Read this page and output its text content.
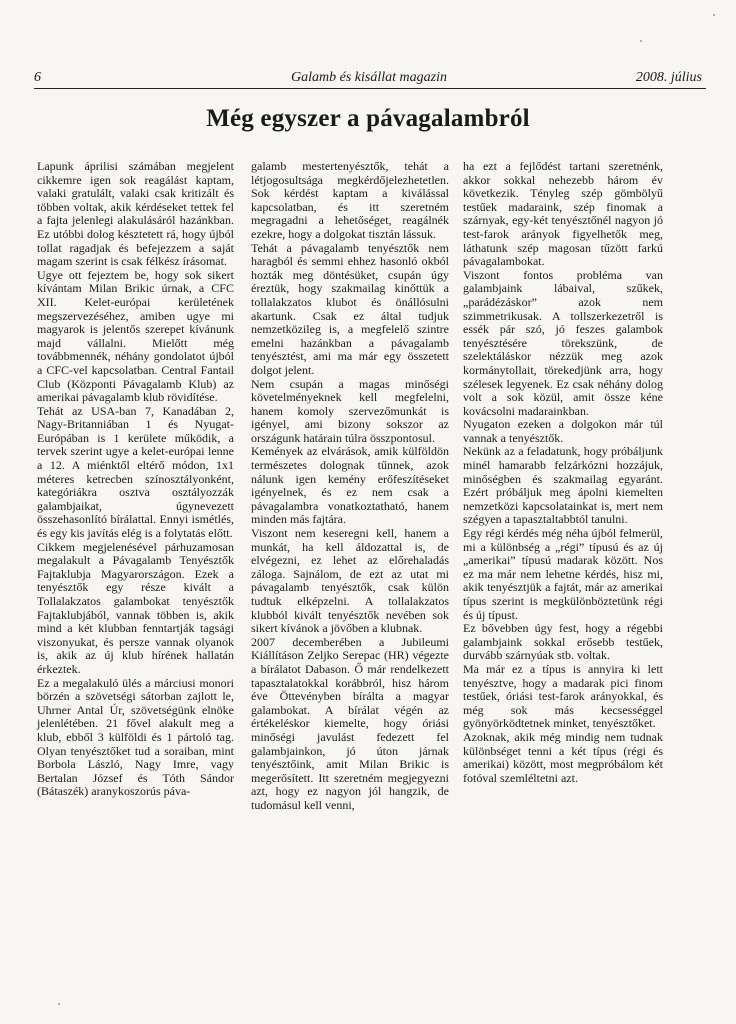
6	Galamb és kisállat magazin	2008. július
Még egyszer a pávagalambról

Lapunk áprilisi számában megjelent cikkemre igen sok reagálást kaptam, valaki gratulált, valaki csak kritizált és többen voltak, akik kérdéseket tettek fel a fajta jelenlegi alakulásáról hazánkban. Ez utóbbi dolog késztetett rá, hogy újból tollat ragadjak és befejezzem a saját magam szerint is csak félkész írásomat.

Ugye ott fejeztem be, hogy sok sikert kívántam Milan Brikic úrnak, a CFC XII. Kelet-európai kerületének megszervezéséhez, amiben ugye mi magyarok is jelentős szerepet kívánunk majd vállalni. Mielőtt még továbbmennék, néhány gondolatot újból a CFC-vel kapcsolatban. Central Fantail Club (Központi Pávagalamb Klub) az amerikai pávagalamb klub rövidítése.

Tehát az USA-ban 7, Kanadában 2, Nagy-Britanniában 1 és Nyugat-Európában is 1 kerülete működik, a tervek szerint ugye a kelet-európai lenne a 12. A miénktől eltérő módon, 1x1 méteres ketrecben színosztályonként, kategóriákra osztva osztályozzák galambjaikat, úgynevezett összehasonlító bírálattal. Ennyi ismétlés, és egy kis javítás elég is a folytatás előtt.

Cikkem megjelenésével párhuzamosan megalakult a Pávagalamb Tenyésztők Fajtaklubja Magyarországon. Ezek a tenyésztők egy része kivált a Tollalakzatos galambokat tenyésztők Fajtaklubjából, vannak többen is, akik mind a két klubban fenntartják tagsági viszonyukat, és persze vannak olyanok is, akik az új klub hírének hallatán érkeztek.

Ez a megalakuló ülés a márciusi monori börzén a szövetségi sátorban zajlott le, Uhrner Antal Úr, szövetségünk elnöke jelenlétében. 21 fővel alakult meg a klub, ebből 3 külföldi és 1 pártoló tag. Olyan tenyésztőket tud a soraiban, mint Borbola László, Nagy Imre, vagy Bertalan József és Tóth Sándor (Bátaszék) aranykoszorús páva-

galamb mestertenyésztők, tehát a létjogosultsága megkérdőjelezhetetlen. Sok kérdést kaptam a kiválással kapcsolatban, és itt szeretném megragadni a lehetőséget, reagálnék ezekre, hogy a dolgokat tisztán lássuk.

Tehát a pávagalamb tenyésztők nem haragból és semmi ehhez hasonló okból hozták meg döntésüket, csupán úgy éreztük, hogy szakmailag kinőttük a tollalakzatos klubot és önállósulni akartunk. Csak ez által tudjuk nemzetközileg is, a megfelelő szintre emelni hazánkban a pávagalamb tenyésztést, ami ma már egy összetett dolgot jelent.

Nem csupán a magas minőségi követelményeknek kell megfelelni, hanem komoly szervezőmunkát is igényel, ami bizony sokszor az országunk határain túlra összpontosul.

Kemények az elvárások, amik külföldön természetes dolognak tűnnek, azok nálunk igen kemény erőfeszítéseket igényelnek, és ez nem csak a pávagalambra vonatkoztatható, hanem minden más fajtára.

Viszont nem keseregni kell, hanem a munkát, ha kell áldozattal is, de elvégezni, ez lehet az előrehaladás záloga. Sajnálom, de ezt az utat mi pávagalamb tenyésztők, csak külön tudtuk elképzelni. A tollalakzatos klubból kivált tenyésztők nevében sok sikert kívánok a jövőben a klubnak.

2007 decemberében a Jubileumi Kiállításon Zeljko Serepac (HR) végezte a bírálatot Dabason. Ő már rendelkezett tapasztalatokkal korábbról, hisz három éve Öttevényben bírálta a magyar galambokat. A bírálat végén az értékeléskor kiemelte, hogy óriási minőségi javulást fedezett fel galambjainkon, jó úton járnak tenyésztőink, amit Milan Brikic is megerősített. Itt szeretném megjegyezni azt, hogy ez nagyon jól hangzik, de tudomásul kell venni,

ha ezt a fejlődést tartani szeretnénk, akkor sokkal nehezebb három év következik. Tényleg szép gömbölyű testűek madaraink, szép finomak a szárnyak, egy-két tenyésztőnél nagyon jó test-farok arányok figyelhetők meg, láthatunk szép magosan tűzött farkú pávagalambokat.

Viszont fontos probléma van galambjaink lábaival, szűkek, „parádézáskor” azok nem szimmetrikusak. A tollszerkezetről is essék pár szó, jó feszes galambok tenyésztésére törekszünk, de szelektáláskor nézzük meg azok kormánytollait, törekedjünk arra, hogy szélesek legyenek. Ez csak néhány dolog volt a sok közül, amit össze kéne kovácsolni madarainkban.

Nyugaton ezeken a dolgokon már túl vannak a tenyésztők.

Nekünk az a feladatunk, hogy próbáljunk minél hamarabb felzárkózni hozzájuk, minőségben és szakmailag egyaránt. Ezért próbáljuk meg ápolni kiemelten nemzetközi kapcsolatainkat is, mert nem szégyen a tapasztaltabbtól tanulni.

Egy régi kérdés még néha újból felmerül, mi a különbség a „régi” típusú és az új „amerikai” típusú madarak között. Nos ez ma már nem lehetne kérdés, hisz mi, akik tenyésztjük a fajtát, már az amerikai típus szerint is megkülönböztetünk régi és új típust.

Ez bővebben úgy fest, hogy a régebbi galambjaink sokkal erősebb testűek, durvább szárnyúak stb. voltak.

Ma már ez a típus is annyira ki lett tenyésztve, hogy a madarak pici finom testűek, óriási test-farok arányokkal, és még sok más kecsességgel gyönyörködtetnek minket, tenyésztőket.

Azoknak, akik még mindig nem tudnak különbséget tenni a két típus (régi és amerikai) között, most megpróbálom két fotóval szemléltetni azt.
